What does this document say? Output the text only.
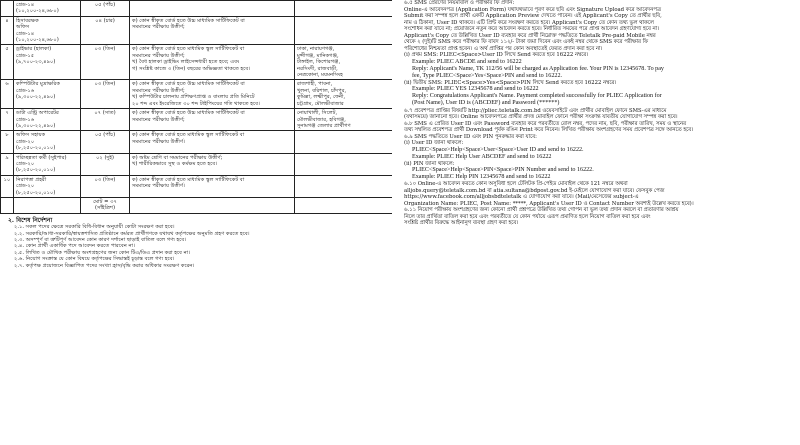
	গ্রেড-১৪
(১০,২০০-২৪,৬৮০)	০৫ (পাঁচ)		
৪	হিসাবরক্ষক
অফিস
গ্রেড-১৪
(১০,২০০-২৪,৬৮০)	০৪ (চার)	ক) কোন স্বীকৃত বোর্ড হতে উচ্চ মাধ্যমিক সার্টিফিকেট বা
সমমানের পরীক্ষায় উত্তীর্ণ;	

৫	ড্রাইভার (হালকা)
গ্রেড-১৫
(৯,৭০০-২৩,৪৯০)	০৩ (তিন)	ক) কোন স্বীকৃত বোর্ড হতে মাধ্যমিক স্কুল সার্টিফিকেট বা
সমমানের পরীক্ষায় উত্তীর্ণ;
খ) বৈধ হালকা ড্রাইভিং লাইসেন্সধারী হতে হবে; এবং
গ) সংশ্লিষ্ট কাজে ৩ (তিন) বছরের অভিজ্ঞতা থাকতে হবে।	ঢাকা, নারায়ণগঞ্জ,
মুন্সীগঞ্জ, মানিকগঞ্জ,
টাঙ্গাইল, কিশোরগঞ্জ,
নরসিংদী, রাজবাড়ী,
নেত্রকোনা, ময়মনসিংহ

৬	কম্পিউটার মুদ্রাক্ষরিক
গ্রেড-১৬
(৯,৩০০-২২,৪৯০)	০৩ (তিন)	ক) কোন স্বীকৃত বোর্ড হতে উচ্চ মাধ্যমিক সার্টিফিকেট বা
সমমানের পরীক্ষায় উত্তীর্ণ;
খ) কম্পিউটার চালনায় প্রশিক্ষণপ্রাপ্ত ও বাংলায় প্রতি মিনিটে
২০ শব্দ এবং ইংরেজিতে ৩০ শব্দ টাইপিংয়ের গতি থাকতে হবে।	রাজশাহী, পাবনা,
খুলনা, বরিশাল, চাঁদপুর,
কুমিল্লা, লক্ষ্মীপুর, ফেনী,
চট্টগ্রাম, মৌলভীবাজার

৭	ডাটা এন্ট্রি অপারেটর
গ্রেড-১৬
(৯,৩০০-২২,৪৯০)	০৭ (সাত)	ক) কোন স্বীকৃত বোর্ড হতে উচ্চ মাধ্যমিক সার্টিফিকেট বা
সমমানের পরীক্ষায় উত্তীর্ণ;	নোয়াখালী, সিলেট,
মৌলভীবাজার, হবিগঞ্জ,
সুনামগঞ্জ জেলার প্রার্থীগণ

৮	অফিস সহায়ক
গ্রেড-২০
(৮,২৫০-২০,০১০)	০৫ (পাঁচ)	ক) কোন স্বীকৃত বোর্ড হতে মাধ্যমিক স্কুল সার্টিফিকেট বা
সমমানের পরীক্ষায় উত্তীর্ণ।	

৯	পরিচ্ছন্নতা কর্মী (সুইপার)
গ্রেড-২০
(৮,২৫০-২০,০১০)	০২ (দুই)	ক) অষ্টম শ্রেণি বা সমমানের পরীক্ষায় উত্তীর্ণ;
খ) শারীরিকভাবে সুস্থ ও কর্মক্ষম হতে হবে।	

১০	নিরাপত্তা প্রহরী
গ্রেড-২০
(৮,২৫০-২০,০১০)	০৩ (তিন)	ক) কোন স্বীকৃত বোর্ড হতে মাধ্যমিক স্কুল সার্টিফিকেট বা
সমমানের পরীক্ষায় উত্তীর্ণ।	

		মোট = ৩৭ (সাঁইত্রিশ)		
২. বিশেষ নির্দেশনা
২.১. সকল পদের ক্ষেত্রে সরকারি বিধি-বিধান অনুযায়ী কোটা সংরক্ষণ করা হবে।
২.২. সরকারি/আধা-সরকারি/স্বায়ত্তশাসিত প্রতিষ্ঠানে কর্মরত প্রার্থীগণকে যথাযথ কর্তৃপক্ষের অনুমতি গ্রহণ করতে হবে।
২.৩. অসম্পূর্ণ বা ত্রুটিপূর্ণ আবেদন কোন কারণ দর্শানো ছাড়াই বাতিল বলে গণ্য হবে।
২.৪. কোন প্রার্থী একাধিক পদে আবেদন করতে পারবেন না।
২.৫. লিখিত ও মৌখিক পরীক্ষায় অংশগ্রহণের জন্য কোন টিএ/ডিএ প্রদান করা হবে না।
২.৬. নিয়োগ সংক্রান্ত যে কোন বিষয়ে কর্তৃপক্ষের সিদ্ধান্তই চূড়ান্ত বলে গণ্য হবে।
২.৭. কর্তৃপক্ষ প্রয়োজনে বিজ্ঞাপিত পদের সংখ্যা হ্রাস/বৃদ্ধি করার অধিকার সংরক্ষণ করেন।
৬.৫ SMS প্রেরণের নিয়মাবলি ও পরীক্ষার ফি প্রদান:
Online-এ আবেদনপত্র (Application Form) যথাযথভাবে পূরণ করে ছবি এবং Signature Upload করে আবেদনপত্র
Submit করা সম্পন্ন হলে প্রার্থী একটি Application Preview দেখতে পাবেন। এই Applicant's Copy তে প্রার্থীর ছবি,
নাম ও ঠিকানা, User ID থাকবে। এটি প্রিন্ট করে সংরক্ষণ করতে হবে। Applicant's Copy তে কোন তথ্য ভুল থাকলে
সংশোধন করা যাবে না; প্রয়োজনে নতুন করে আবেদন করতে হবে। নির্ধারিত সময়ের পরে প্রাপ্ত আবেদন গ্রহণযোগ্য হবে না।
Applicant's Copy তে উল্লিখিত User ID ব্যবহার করে প্রার্থী নিম্নোক্ত পদ্ধতিতে Teletalk Pre-paid Mobile নম্বর
থেকে ২ (দুই)টি SMS করে পরীক্ষার ফি বাবদ ১১২/- টাকা জমা দিবেন এবং একই নম্বর থেকে SMS করে পরীক্ষার ফি
পরিশোধের নিশ্চয়তা প্রাপ্ত হবেন। এ অর্থ প্রাপ্তির পর কোন অবস্থাতেই ফেরত প্রদান করা হবে না।
(i) প্রথম SMS: PLIEC<Space>User ID লিখে Send করতে হবে 16222 নম্বরে।
Example: PLIEC ABCDE and send to 16222
Reply: Applicant's Name, TK 112/56 will be charged as Application fee. Your PIN is 12345678. To pay
fee, Type PLIEC<Space>Yes<Space>PIN and send to 16222.
(ii) দ্বিতীয় SMS: PLIEC<Space>Yes<Space>PIN লিখে Send করতে হবে 16222 নম্বরে।
Example: PLIEC YES 12345678 and send to 16222
Reply: Congratulations Applicant's Name. Payment completed successfully for PLIEC Application for
(Post Name), User ID is (ABCDEF) and Password (******)
৬.৭ প্রবেশপত্র প্রাপ্তির বিষয়টি http://pliec.teletalk.com.bd ওয়েবসাইটে এবং প্রার্থীর মোবাইল ফোনে SMS-এর মাধ্যমে
(যথাসময়ে) জানানো হবে। Online আবেদনপত্রে প্রার্থীর প্রদত্ত মোবাইল ফোনে পরীক্ষা সংক্রান্ত যাবতীয় যোগাযোগ সম্পন্ন করা হবে।
৬.৮ SMS এ প্রেরিত User ID এবং Password ব্যবহার করে পরবর্তীতে রোল নম্বর, পদের নাম, ছবি, পরীক্ষার তারিখ, সময় ও স্থানের
তথ্য সম্বলিত প্রবেশপত্র প্রার্থী Download পূর্বক রঙিন Print করে নিবেন। লিখিত পরীক্ষায় অংশগ্রহণের সময় প্রবেশপত্র সঙ্গে আনতে হবে।
৬.৯ SMS পদ্ধতিতে User ID এবং PIN পুনরুদ্ধার করা যাবে:
(i) User ID জানা থাকলে:
PLIEC<Space>Help<Space>User<Space>User ID and send to 16222.
Example: PLIEC Help User ABCDEF and send to 16222
(ii) PIN জানা থাকলে:
PLIEC<Space>Help<Space>PIN<Space>PIN Number and send to 16222.
Example: PLIEC Help PIN 12345678 and send to 16222
৬.১০ Online-এ আবেদন করতে কোন অসুবিধা হলে টেলিটক প্রি-পেইড মোবাইল থেকে 121 নম্বরে অথবা
alljobs.query@teletalk.com.bd বা atia.sultana@bdpost.gov.bd ই-মেইলে যোগাযোগ করা যাবে। ফেসবুক পেজ
https://www.facebook.com/alljobsbdteletalk এ যোগাযোগ করা যাবে। (Mail/মেসেজের subject-এ
Organization Name: PLIEC, Post Name: *****, Applicant's User ID ও Contact Number অবশ্যই উল্লেখ করতে হবে)।
৬.১১ নিয়োগ পরীক্ষায় অংশগ্রহণের জন্য কোনো প্রার্থী প্রশ্নপত্রে উল্লিখিত তথ্য গোপন বা ভুল তথ্য প্রদান করলে বা প্রতারণার আশ্রয়
নিলে তার প্রার্থিতা বাতিল করা হবে এবং পরবর্তীতে যে কোন পর্যায়ে এরূপ প্রমাণিত হলে নিয়োগ বাতিল করা হবে এবং
সংশ্লিষ্ট প্রার্থীর বিরুদ্ধে আইনানুগ ব্যবস্থা গ্রহণ করা হবে।
